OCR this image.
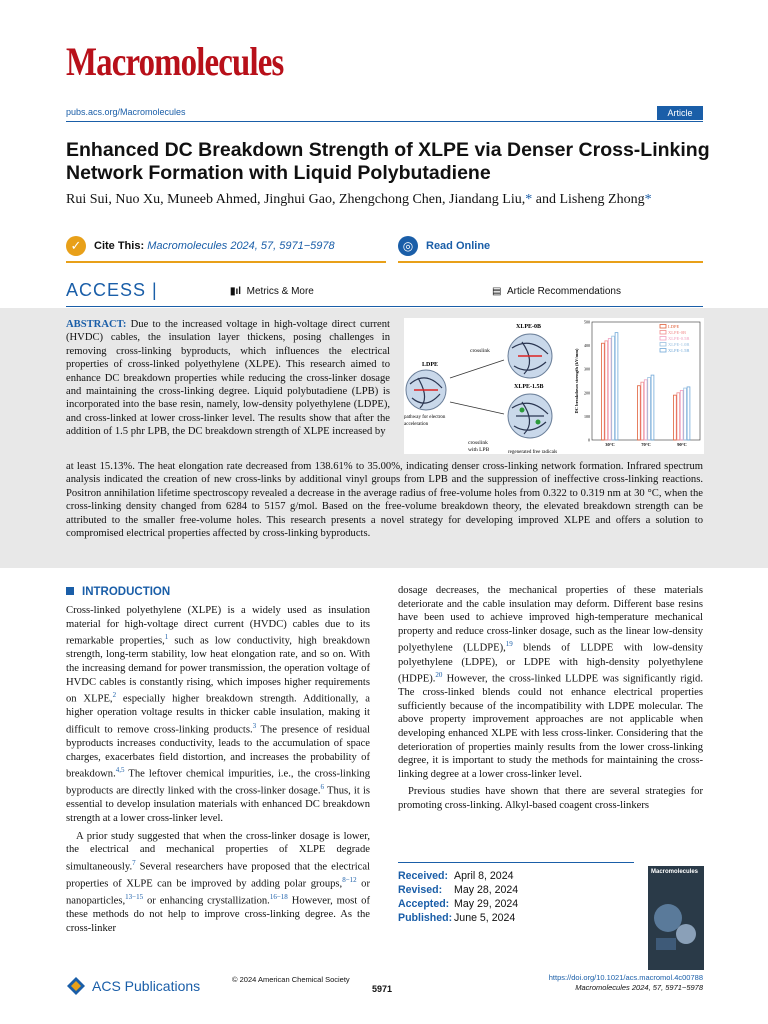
Macromolecules
pubs.acs.org/Macromolecules	Article
Enhanced DC Breakdown Strength of XLPE via Denser Cross-Linking Network Formation with Liquid Polybutadiene
Rui Sui, Nuo Xu, Muneeb Ahmed, Jinghui Gao, Zhengchong Chen, Jiandang Liu,* and Lisheng Zhong*
✓	Cite This: Macromolecules 2024, 57, 5971−5978	◎	Read Online
ACCESS |	▮ıl Metrics & More	▤ Article Recommendations
ABSTRACT: Due to the increased voltage in high-voltage direct current (HVDC) cables, the insulation layer thickens, posing challenges in removing cross-linking byproducts, which influences the electrical properties of cross-linked polyethylene (XLPE). This research aimed to enhance DC breakdown properties while reducing the cross-linker dosage and maintaining the cross-linking degree. Liquid polybutadiene (LPB) is incorporated into the base resin, namely, low-density polyethylene (LDPE), and cross-linked at lower cross-linker level. The results show that after the addition of 1.5 phr LPB, the DC breakdown strength of XLPE increased by
at least 15.13%. The heat elongation rate decreased from 138.61% to 35.00%, indicating denser cross-linking network formation. Infrared spectrum analysis indicated the creation of new cross-links by additional vinyl groups from LPB and the suppression of ineffective cross-linking reactions. Positron annihilation lifetime spectroscopy revealed a decrease in the average radius of free-volume holes from 0.322 to 0.319 nm at 30 °C, when the cross-linking density changed from 6284 to 5157 g/mol. Based on the free-volume breakdown theory, the elevated breakdown strength can be attributed to the smaller free-volume holes. This research presents a novel strategy for developing improved XLPE and offers a solution to compromised electrical properties affected by cross-linking byproducts.
XLPE-0B
XLPE-1.5B
LDPE
crosslink
crosslink
with LPB
pathway for electron
acceleration
regenerated free radicals
DC breakdown strength (kV/mm)
0
100
200
300
400
500
30°C	70°C	90°C
LDPE
XLPE-0B
XLPE-0.5B
XLPE-1.0B
XLPE-1.5B
INTRODUCTION

Cross-linked polyethylene (XLPE) is a widely used as insulation material for high-voltage direct current (HVDC) cables due to its remarkable properties,$^1$ such as low conductivity, high breakdown strength, long-term stability, low heat elongation rate, and so on. With the increasing demand for power transmission, the operation voltage of HVDC cables is constantly rising, which imposes higher requirements on XLPE,$^2$ especially higher breakdown strength. Additionally, a higher operation voltage results in thicker cable insulation, making it difficult to remove cross-linking products.$^3$ The presence of residual byproducts increases conductivity, leads to the accumulation of space charges, exacerbates field distortion, and increases the probability of breakdown.$^{4,5}$ The leftover chemical impurities, i.e., the cross-linking byproducts are directly linked with the cross-linker dosage.$^6$ Thus, it is essential to develop insulation materials with enhanced DC breakdown strength at a lower cross-linker level.

A prior study suggested that when the cross-linker dosage is lower, the electrical and mechanical properties of XLPE degrade simultaneously.$^7$ Several researchers have proposed that the electrical properties of XLPE can be improved by adding polar groups,$^{8-12}$ or nanoparticles,$^{13-15}$ or enhancing crystallization.$^{16-18}$ However, most of these methods do not help to improve cross-linking degree. As the cross-linker

dosage decreases, the mechanical properties of these materials deteriorate and the cable insulation may deform. Different base resins have been used to achieve improved high-temperature mechanical property and reduce cross-linker dosage, such as the linear low-density polyethylene (LLDPE),$^{19}$ blends of LLDPE with low-density polyethylene (LDPE), or LDPE with high-density polyethylene (HDPE).$^{20}$ However, the cross-linked LLDPE was significantly rigid. The cross-linked blends could not enhance electrical properties sufficiently because of the incompatibility with LDPE molecular. The above property improvement approaches are not applicable when developing enhanced XLPE with less cross-linker. Considering that the deterioration of properties mainly results from the lower cross-linking degree, it is important to study the methods for maintaining the cross-linking degree at a lower cross-linker level.

Previous studies have shown that there are several strategies for promoting cross-linking. Alkyl-based coagent cross-linkers

Received:	April 8, 2024
Revised:	May 28, 2024
Accepted:	May 29, 2024
Published:	June 5, 2024
Macromolecules
ACS Publications	© 2024 American Chemical Society
5971
https://doi.org/10.1021/acs.macromol.4c00788
Macromolecules 2024, 57, 5971−5978
